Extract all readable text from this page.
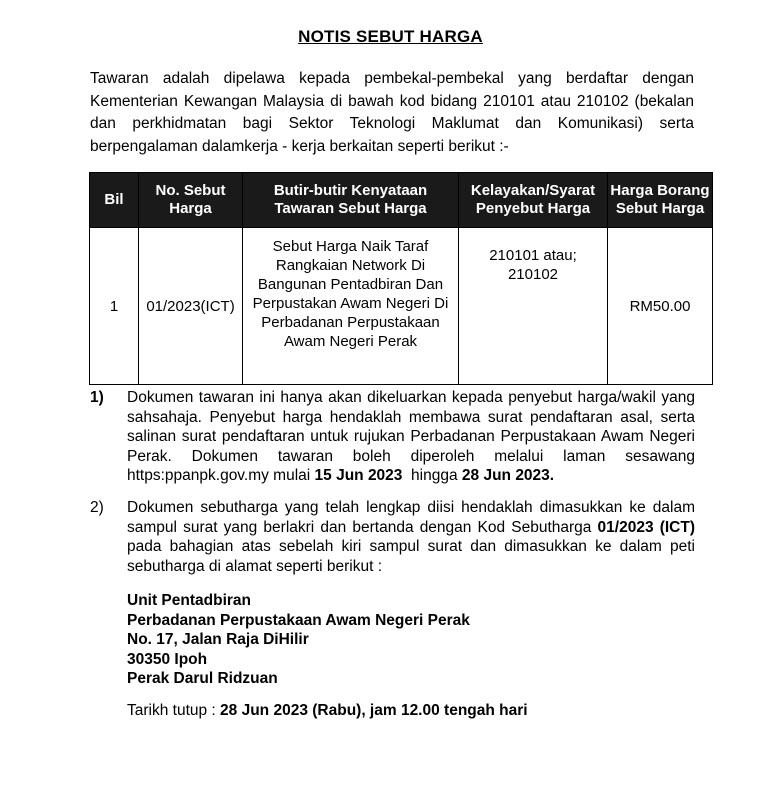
NOTIS SEBUT HARGA
Tawaran adalah dipelawa kepada pembekal-pembekal yang berdaftar dengan Kementerian Kewangan Malaysia di bawah kod bidang 210101 atau 210102 (bekalan dan perkhidmatan bagi Sektor Teknologi Maklumat dan Komunikasi) serta berpengalaman dalamkerja - kerja berkaitan seperti berikut :-
Bil	No. Sebut Harga	Butir-butir Kenyataan Tawaran Sebut Harga	Kelayakan/Syarat Penyebut Harga	Harga Borang Sebut Harga
1	01/2023(ICT)	Sebut Harga Naik Taraf Rangkaian Network Di Bangunan Pentadbiran Dan Perpustakan Awam Negeri Di Perbadanan Perpustakaan Awam Negeri Perak	210101 atau; 210102	RM50.00
1)	Dokumen tawaran ini hanya akan dikeluarkan kepada penyebut harga/wakil yang sahsahaja. Penyebut harga hendaklah membawa surat pendaftaran asal, serta salinan surat pendaftaran untuk rujukan Perbadanan Perpustakaan Awam Negeri Perak. Dokumen tawaran boleh diperoleh melalui laman sesawang https:ppanpk.gov.my mulai 15 Jun 2023  hingga 28 Jun 2023.
2)	Dokumen sebutharga yang telah lengkap diisi hendaklah dimasukkan ke dalam sampul surat yang berlakri dan bertanda dengan Kod Sebutharga 01/2023 (ICT) pada bahagian atas sebelah kiri sampul surat dan dimasukkan ke dalam peti sebutharga di alamat seperti berikut :
Unit Pentadbiran
Perbadanan Perpustakaan Awam Negeri Perak
No. 17, Jalan Raja DiHilir
30350 Ipoh
Perak Darul Ridzuan
Tarikh tutup : 28 Jun 2023 (Rabu), jam 12.00 tengah hari
